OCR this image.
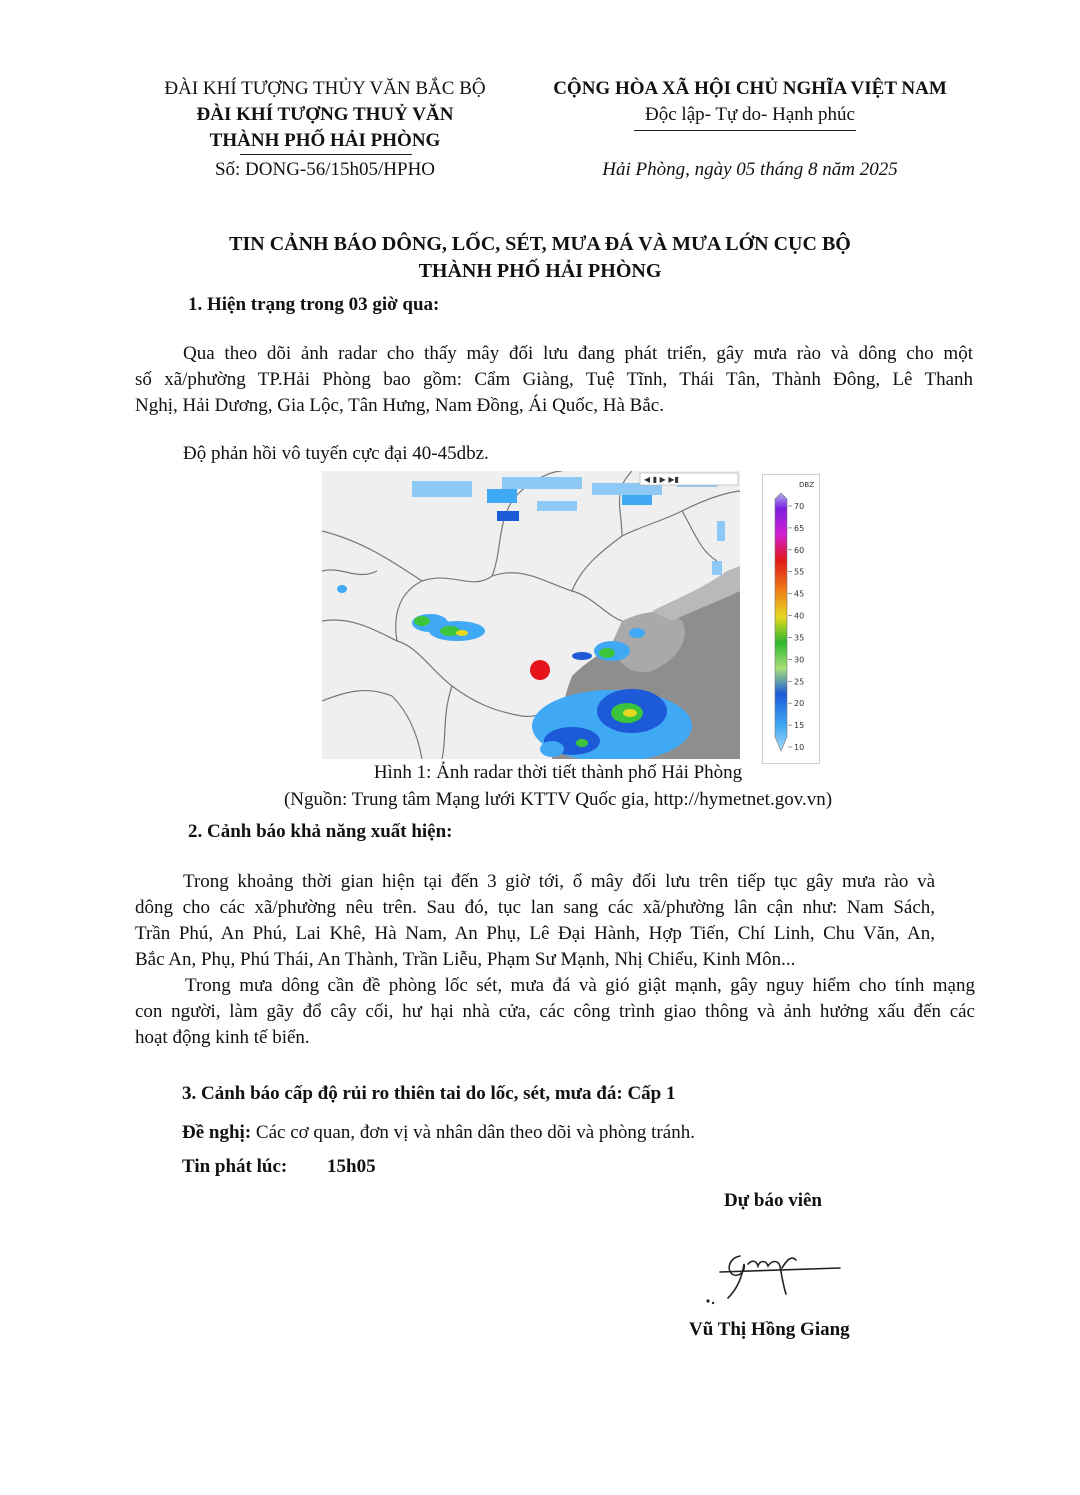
ĐÀI KHÍ TƯỢNG THỦY VĂN BẮC BỘ
ĐÀI KHÍ TƯỢNG THUỶ VĂN
THÀNH PHỐ HẢI PHÒNG
Số: DONG-56/15h05/HPHO
CỘNG HÒA XÃ HỘI CHỦ NGHĨA VIỆT NAM
Độc lập- Tự do- Hạnh phúc
Hải Phòng, ngày 05 tháng 8 năm 2025
TIN CẢNH BÁO DÔNG, LỐC, SÉT, MƯA ĐÁ VÀ MƯA LỚN CỤC BỘ
THÀNH PHỐ HẢI PHÒNG
1. Hiện trạng trong 03 giờ qua:
Qua theo dõi ảnh radar cho thấy mây đối lưu đang phát triển, gây mưa rào và dông cho một
số xã/phường TP.Hải Phòng bao gồm: Cẩm Giàng, Tuệ Tĩnh, Thái Tân, Thành Đông, Lê Thanh
Nghị, Hải Dương, Gia Lộc, Tân Hưng, Nam Đồng, Ái Quốc, Hà Bắc.
Độ phản hồi vô tuyến cực đại 40-45dbz.
◀ ▮ ▶ ▶▮
DBZ
70
65
60
55
45
40
35
30
25
20
15
10
Hình 1: Ảnh radar thời tiết thành phố Hải Phòng
(Nguồn: Trung tâm Mạng lưới KTTV Quốc gia, http://hymetnet.gov.vn)
2. Cảnh báo khả năng xuất hiện:
Trong khoảng thời gian hiện tại đến 3 giờ tới, ổ mây đối lưu trên tiếp tục gây mưa rào và
dông cho các xã/phường nêu trên. Sau đó, tục lan sang các xã/phường lân cận như: Nam Sách,
Trần Phú, An Phú, Lai Khê, Hà Nam, An Phụ, Lê Đại Hành, Hợp Tiến, Chí Linh, Chu Văn, An,
Bắc An, Phụ, Phú Thái, An Thành, Trần Liễu, Phạm Sư Mạnh, Nhị Chiểu, Kinh Môn...
Trong mưa dông cần đề phòng lốc sét, mưa đá và gió giật mạnh, gây nguy hiểm cho tính mạng
con người, làm gãy đổ cây cối, hư hại nhà cửa, các công trình giao thông và ảnh hưởng xấu đến các
hoạt động kinh tế biển.
3. Cảnh báo cấp độ rủi ro thiên tai do lốc, sét, mưa đá: Cấp 1
Đề nghị: Các cơ quan, đơn vị và nhân dân theo dõi và phòng tránh.
Tin phát lúc: 15h05
Dự báo viên
Vũ Thị Hồng Giang
